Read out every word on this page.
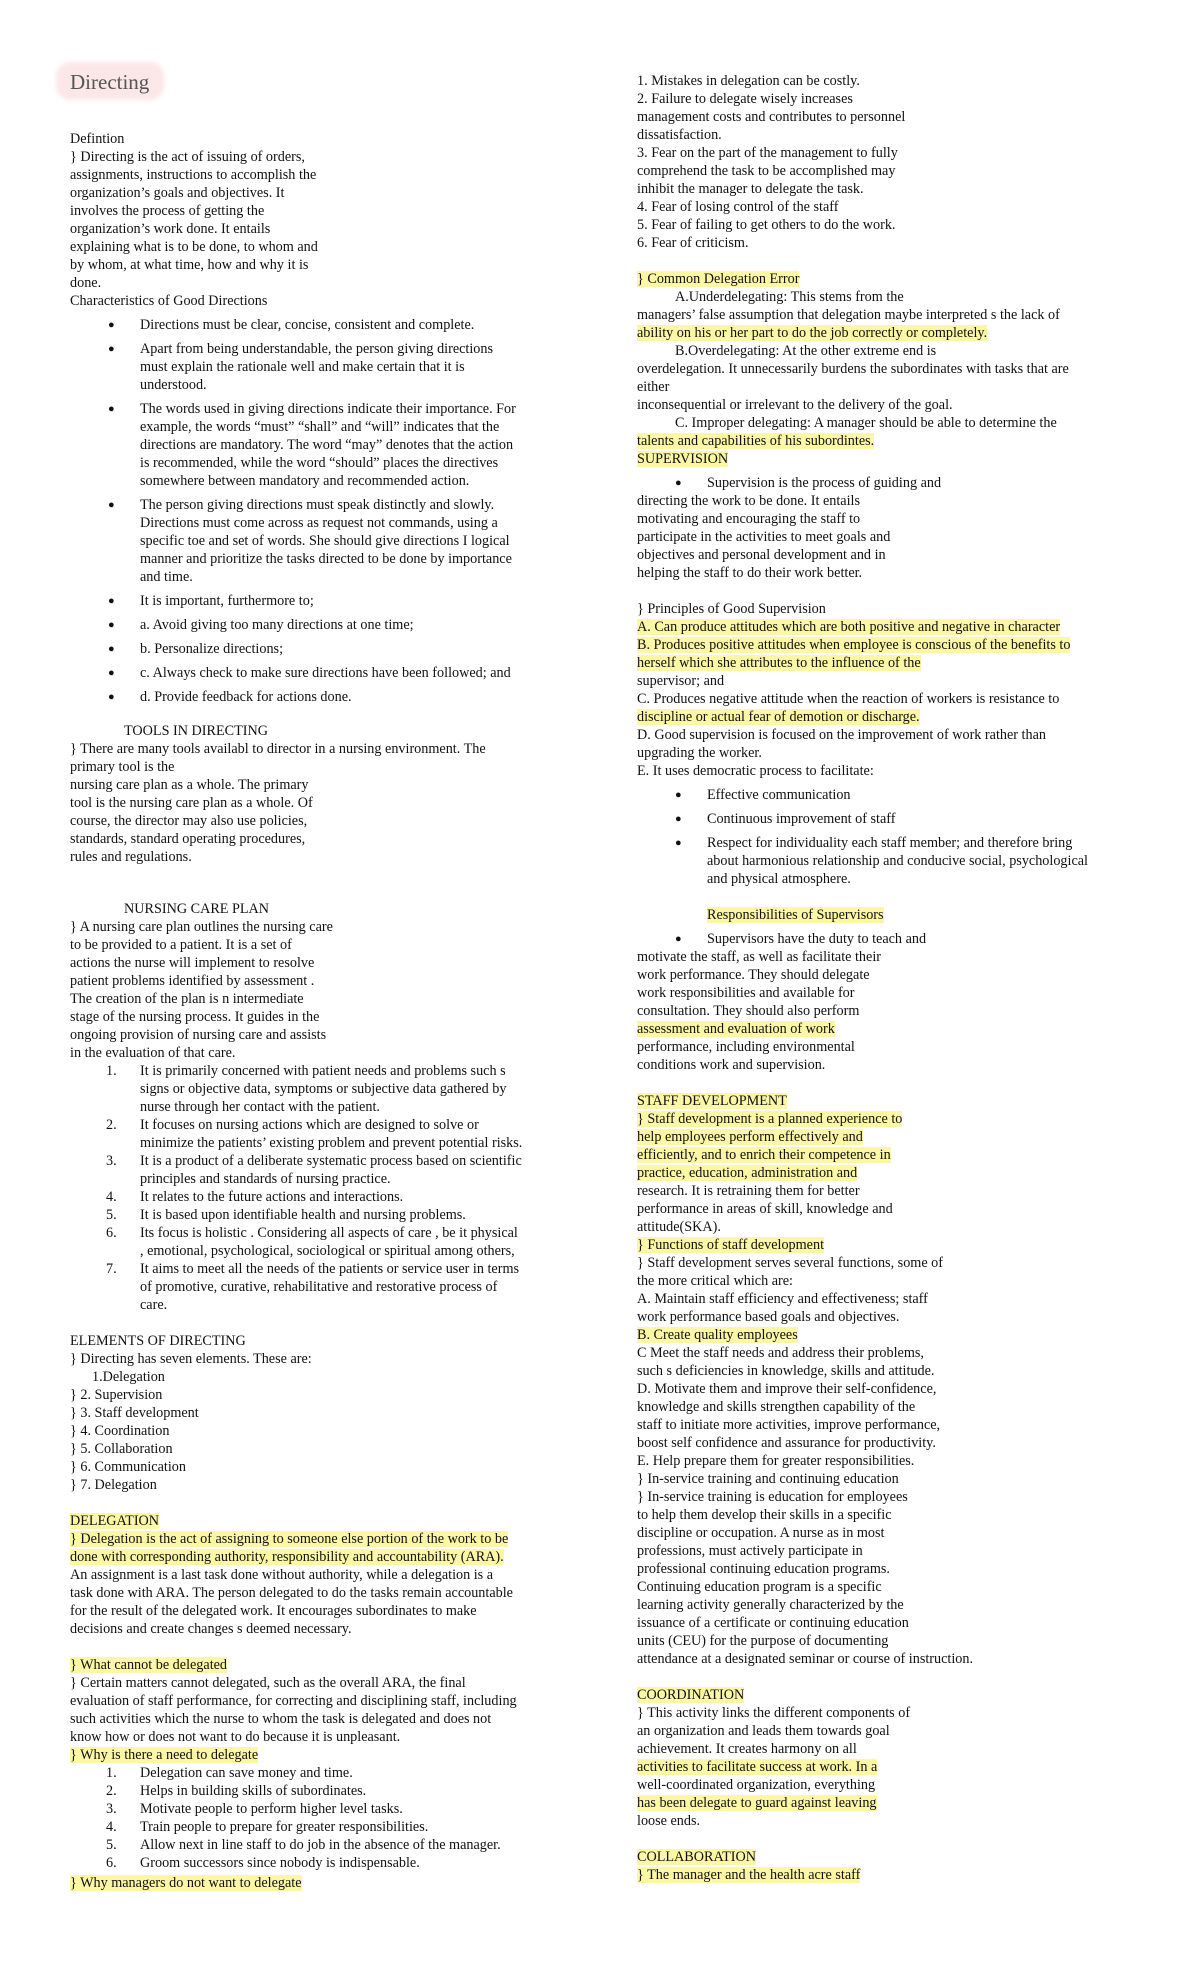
Directing
Defintion
} Directing is the act of issuing of orders,
assignments, instructions to accomplish the
organization’s goals and objectives. It
involves the process of getting the
organization’s work done. It entails
explaining what is to be done, to whom and
by whom, at what time, how and why it is
done.
Characteristics of Good Directions
● Directions must be clear, concise, consistent and complete.
● Apart from being understandable, the person giving directions
must explain the rationale well and make certain that it is
understood.
● The words used in giving directions indicate their importance. For
example, the words “must” “shall” and “will” indicates that the
directions are mandatory. The word “may” denotes that the action
is recommended, while the word “should” places the directives
somewhere between mandatory and recommended action.
● The person giving directions must speak distinctly and slowly.
Directions must come across as request not commands, using a
specific toe and set of words. She should give directions I logical
manner and prioritize the tasks directed to be done by importance
and time.
● It is important, furthermore to;
● a. Avoid giving too many directions at one time;
● b. Personalize directions;
● c. Always check to make sure directions have been followed; and
● d. Provide feedback for actions done.
TOOLS IN DIRECTING
} There are many tools availabl to director in a nursing environment. The
primary tool is the
nursing care plan as a whole. The primary
tool is the nursing care plan as a whole. Of
course, the director may also use policies,
standards, standard operating procedures,
rules and regulations.
NURSING CARE PLAN
} A nursing care plan outlines the nursing care
to be provided to a patient. It is a set of
actions the nurse will implement to resolve
patient problems identified by assessment .
The creation of the plan is n intermediate
stage of the nursing process. It guides in the
ongoing provision of nursing care and assists
in the evaluation of that care.
1. It is primarily concerned with patient needs and problems such s
signs or objective data, symptoms or subjective data gathered by
nurse through her contact with the patient.
2. It focuses on nursing actions which are designed to solve or
minimize the patients’ existing problem and prevent potential risks.
3. It is a product of a deliberate systematic process based on scientific
principles and standards of nursing practice.
4. It relates to the future actions and interactions.
5. It is based upon identifiable health and nursing problems.
6. Its focus is holistic . Considering all aspects of care , be it physical
, emotional, psychological, sociological or spiritual among others,
7. It aims to meet all the needs of the patients or service user in terms
of promotive, curative, rehabilitative and restorative process of
care.
ELEMENTS OF DIRECTING
} Directing has seven elements. These are:
1.Delegation
} 2. Supervision
} 3. Staff development
} 4. Coordination
} 5. Collaboration
} 6. Communication
} 7. Delegation
DELEGATION
} Delegation is the act of assigning to someone else portion of the work to be
done with corresponding authority, responsibility and accountability (ARA).
An assignment is a last task done without authority, while a delegation is a
task done with ARA. The person delegated to do the tasks remain accountable
for the result of the delegated work. It encourages subordinates to make
decisions and create changes s deemed necessary.
} What cannot be delegated
} Certain matters cannot delegated, such as the overall ARA, the final
evaluation of staff performance, for correcting and disciplining staff, including
such activities which the nurse to whom the task is delegated and does not
know how or does not want to do because it is unpleasant.
} Why is there a need to delegate
1. Delegation can save money and time.
2. Helps in building skills of subordinates.
3. Motivate people to perform higher level tasks.
4. Train people to prepare for greater responsibilities.
5. Allow next in line staff to do job in the absence of the manager.
6. Groom successors since nobody is indispensable.
} Why managers do not want to delegate
1. Mistakes in delegation can be costly.
2. Failure to delegate wisely increases
management costs and contributes to personnel
dissatisfaction.
3. Fear on the part of the management to fully
comprehend the task to be accomplished may
inhibit the manager to delegate the task.
4. Fear of losing control of the staff
5. Fear of failing to get others to do the work.
6. Fear of criticism.
} Common Delegation Error
A.Underdelegating: This stems from the
managers’ false assumption that delegation maybe interpreted s the lack of
ability on his or her part to do the job correctly or completely.
B.Overdelegating: At the other extreme end is
overdelegation. It unnecessarily burdens the subordinates with tasks that are
either
inconsequential or irrelevant to the delivery of the goal.
C. Improper delegating: A manager should be able to determine the
talents and capabilities of his subordintes.
SUPERVISION
● Supervision is the process of guiding and
directing the work to be done. It entails
motivating and encouraging the staff to
participate in the activities to meet goals and
objectives and personal development and in
helping the staff to do their work better.
} Principles of Good Supervision
A. Can produce attitudes which are both positive and negative in character
B. Produces positive attitudes when employee is conscious of the benefits to
herself which she attributes to the influence of the
supervisor; and
C. Produces negative attitude when the reaction of workers is resistance to
discipline or actual fear of demotion or discharge.
D. Good supervision is focused on the improvement of work rather than
upgrading the worker.
E. It uses democratic process to facilitate:
● Effective communication
● Continuous improvement of staff
● Respect for individuality each staff member; and therefore bring
about harmonious relationship and conducive social, psychological
and physical atmosphere.
Responsibilities of Supervisors
● Supervisors have the duty to teach and
motivate the staff, as well as facilitate their
work performance. They should delegate
work responsibilities and available for
consultation. They should also perform
assessment and evaluation of work
performance, including environmental
conditions work and supervision.
STAFF DEVELOPMENT
} Staff development is a planned experience to
help employees perform effectively and
efficiently, and to enrich their competence in
practice, education, administration and
research. It is retraining them for better
performance in areas of skill, knowledge and
attitude(SKA).
} Functions of staff development
} Staff development serves several functions, some of
the more critical which are:
A. Maintain staff efficiency and effectiveness; staff
work performance based goals and objectives.
B. Create quality employees
C Meet the staff needs and address their problems,
such s deficiencies in knowledge, skills and attitude.
D. Motivate them and improve their self-confidence,
knowledge and skills strengthen capability of the
staff to initiate more activities, improve performance,
boost self confidence and assurance for productivity.
E. Help prepare them for greater responsibilities.
} In-service training and continuing education
} In-service training is education for employees
to help them develop their skills in a specific
discipline or occupation. A nurse as in most
professions, must actively participate in
professional continuing education programs.
Continuing education program is a specific
learning activity generally characterized by the
issuance of a certificate or continuing education
units (CEU) for the purpose of documenting
attendance at a designated seminar or course of instruction.
COORDINATION
} This activity links the different components of
an organization and leads them towards goal
achievement. It creates harmony on all
activities to facilitate success at work. In a
well-coordinated organization, everything
has been delegate to guard against leaving
loose ends.
COLLABORATION
} The manager and the health acre staff
